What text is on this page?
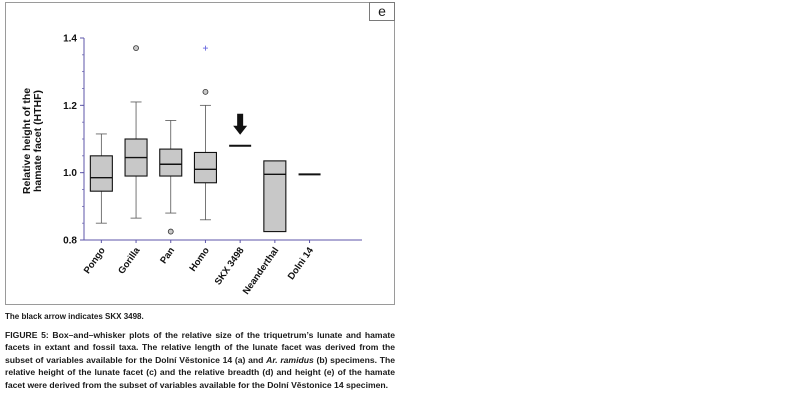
e
0.8
1.0
1.2
1.4
Pongo Gorilla Pan Homo SKX 3498
Neanderthal Dolni 14
Relative height of the hamate facet (HTHF)
The black arrow indicates SKX 3498.
FIGURE 5: Box–and–whisker plots of the relative size of the triquetrum’s lunate and hamate facets in extant and fossil taxa. The relative length of the lunate facet was derived from the subset of variables available for the Dolní Věstonice 14 (a) and Ar. ramidus (b) specimens. The relative height of the lunate facet (c) and the relative breadth (d) and height (e) of the hamate facet were derived from the subset of variables available for the Dolní Věstonice 14 specimen.
